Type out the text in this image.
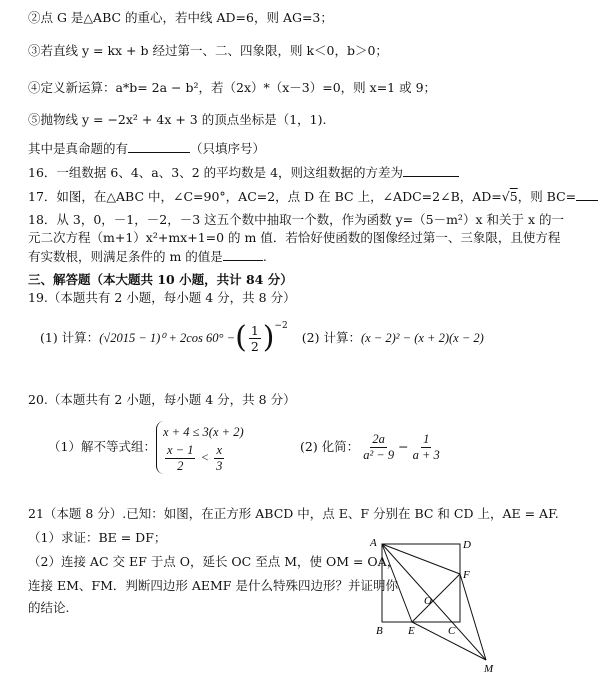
②点 G 是△ABC 的重心，若中线 AD=6，则 AG=3；
③若直线 y = kx + b 经过第一、二、四象限，则 k＜0，b＞0；
④定义新运算：a*b= 2a − b²，若（2x）*（x－3）=0，则 x=1 或 9；
⑤抛物线 y = −2x² + 4x + 3 的顶点坐标是（1，1).
其中是真命题的有	（只填序号）
16．一组数据 6、4、a、3、2 的平均数是 4，则这组数据的方差为
17．如图，在△ABC 中，∠C=90°，AC=2，点 D 在 BC 上，∠ADC=2∠B，AD=√5，则 BC=
18．从 3，0，－1，－2，－3 这五个数中抽取一个数，作为函数 y=（5－m²）x 和关于 x 的一
元二次方程（m+1）x²+mx+1=0 的 m 值．若恰好使函数的图像经过第一、三象限，且使方程
有实数根，则满足条件的 m 的值是	.
三、解答题（本大题共 10 小题，共计 84 分）
19.（本题共有 2 小题，每小题 4 分，共 8 分）
(1) 计算： (√2015 − 1)⁰ + 2cos 60° − ( $\frac{1}{2}$ ) −2
(2) 计算： (x − 2)² − (x + 2)(x − 2)
20.（本题共有 2 小题，每小题 4 分，共 8 分）
（1）解不等式组：
x + 4 ≤ 3(x + 2)
$\frac{x - 1}{2} < \frac{x}{3}$	(2) 化简： $\frac{2a}{\text{a² − 9}} - \frac{1}{a + 3}$
21（本题 8 分）.已知：如图，在正方形 ABCD 中，点 E、F 分别在 BC 和 CD 上，AE = AF.
（1）求证：BE = DF；
（2）连接 AC 交 EF 于点 O，延长 OC 至点 M，使 OM = OA，
连接 EM、FM．判断四边形 AEMF 是什么特殊四边形？并证明你
的结论.
A	D
F
O
B E	C
M
